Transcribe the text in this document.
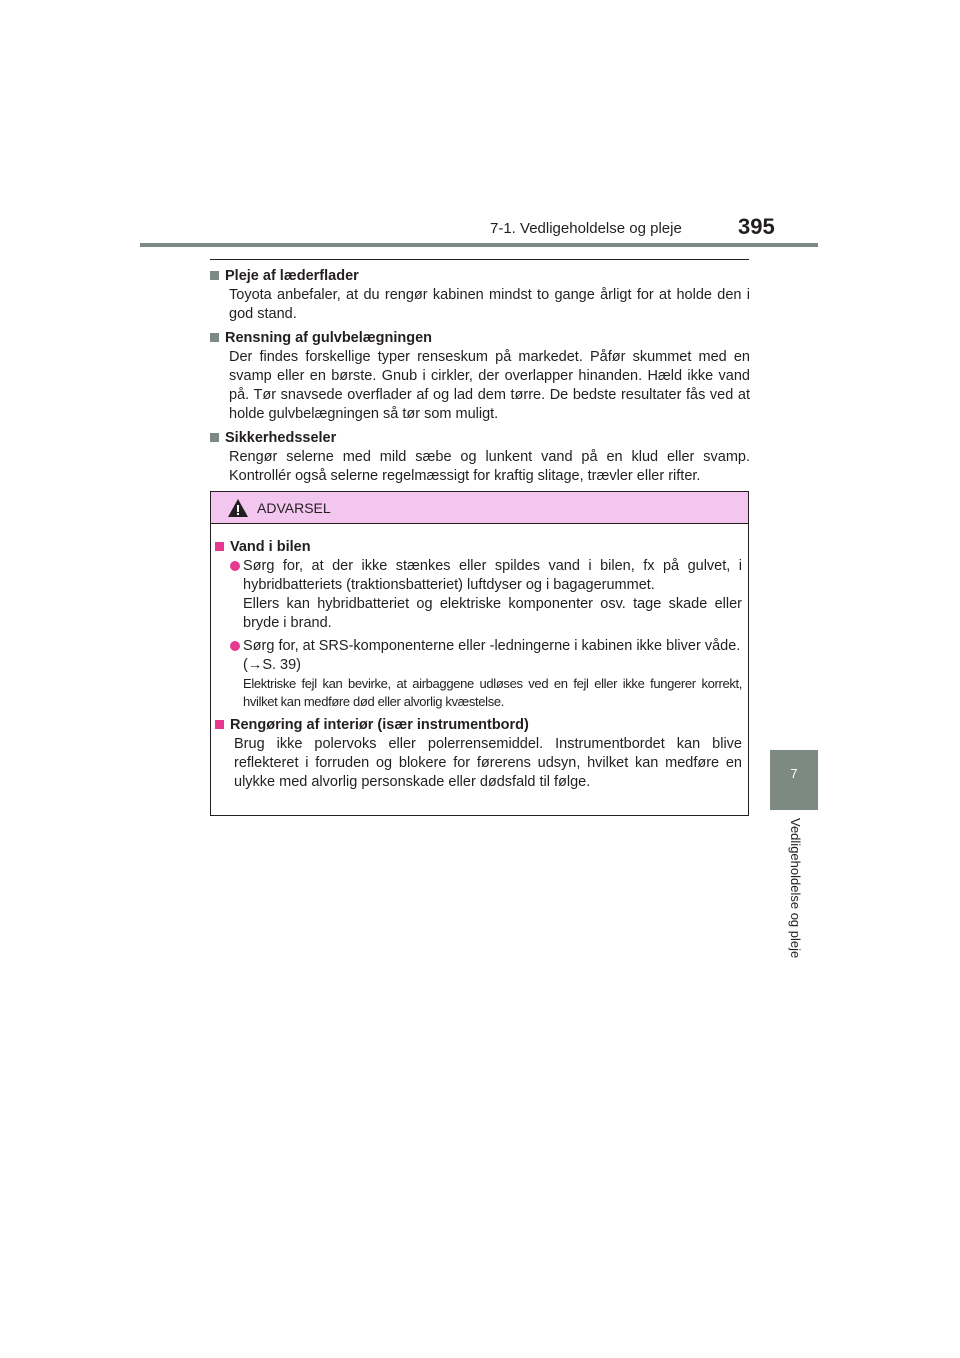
7-1. Vedligeholdelse og pleje	395
7
Vedligeholdelse og pleje
Pleje af læderflader
Toyota anbefaler, at du rengør kabinen mindst to gange årligt for at holde den i god stand.
Rensning af gulvbelægningen
Der findes forskellige typer renseskum på markedet. Påfør skummet med en svamp eller en børste. Gnub i cirkler, der overlapper hinanden. Hæld ikke vand på. Tør snavsede overflader af og lad dem tørre. De bedste resultater fås ved at holde gulvbelægningen så tør som muligt.
Sikkerhedsseler
Rengør selerne med mild sæbe og lunkent vand på en klud eller svamp. Kontrollér også selerne regelmæssigt for kraftig slitage, trævler eller rifter.
ADVARSEL
Vand i bilen
Sørg for, at der ikke stænkes eller spildes vand i bilen, fx på gulvet, i hybridbatteriets (traktionsbatteriet) luftdyser og i bagagerummet.
Ellers kan hybridbatteriet og elektriske komponenter osv. tage skade eller bryde i brand.
Sørg for, at SRS-komponenterne eller -ledningerne i kabinen ikke bliver våde.
(→S. 39)
Elektriske fejl kan bevirke, at airbaggene udløses ved en fejl eller ikke fungerer korrekt, hvilket kan medføre død eller alvorlig kvæstelse.
Rengøring af interiør (især instrumentbord)
Brug ikke polervoks eller polerrensemiddel. Instrumentbordet kan blive reflekteret i forruden og blokere for førerens udsyn, hvilket kan medføre en ulykke med alvorlig personskade eller dødsfald til følge.
